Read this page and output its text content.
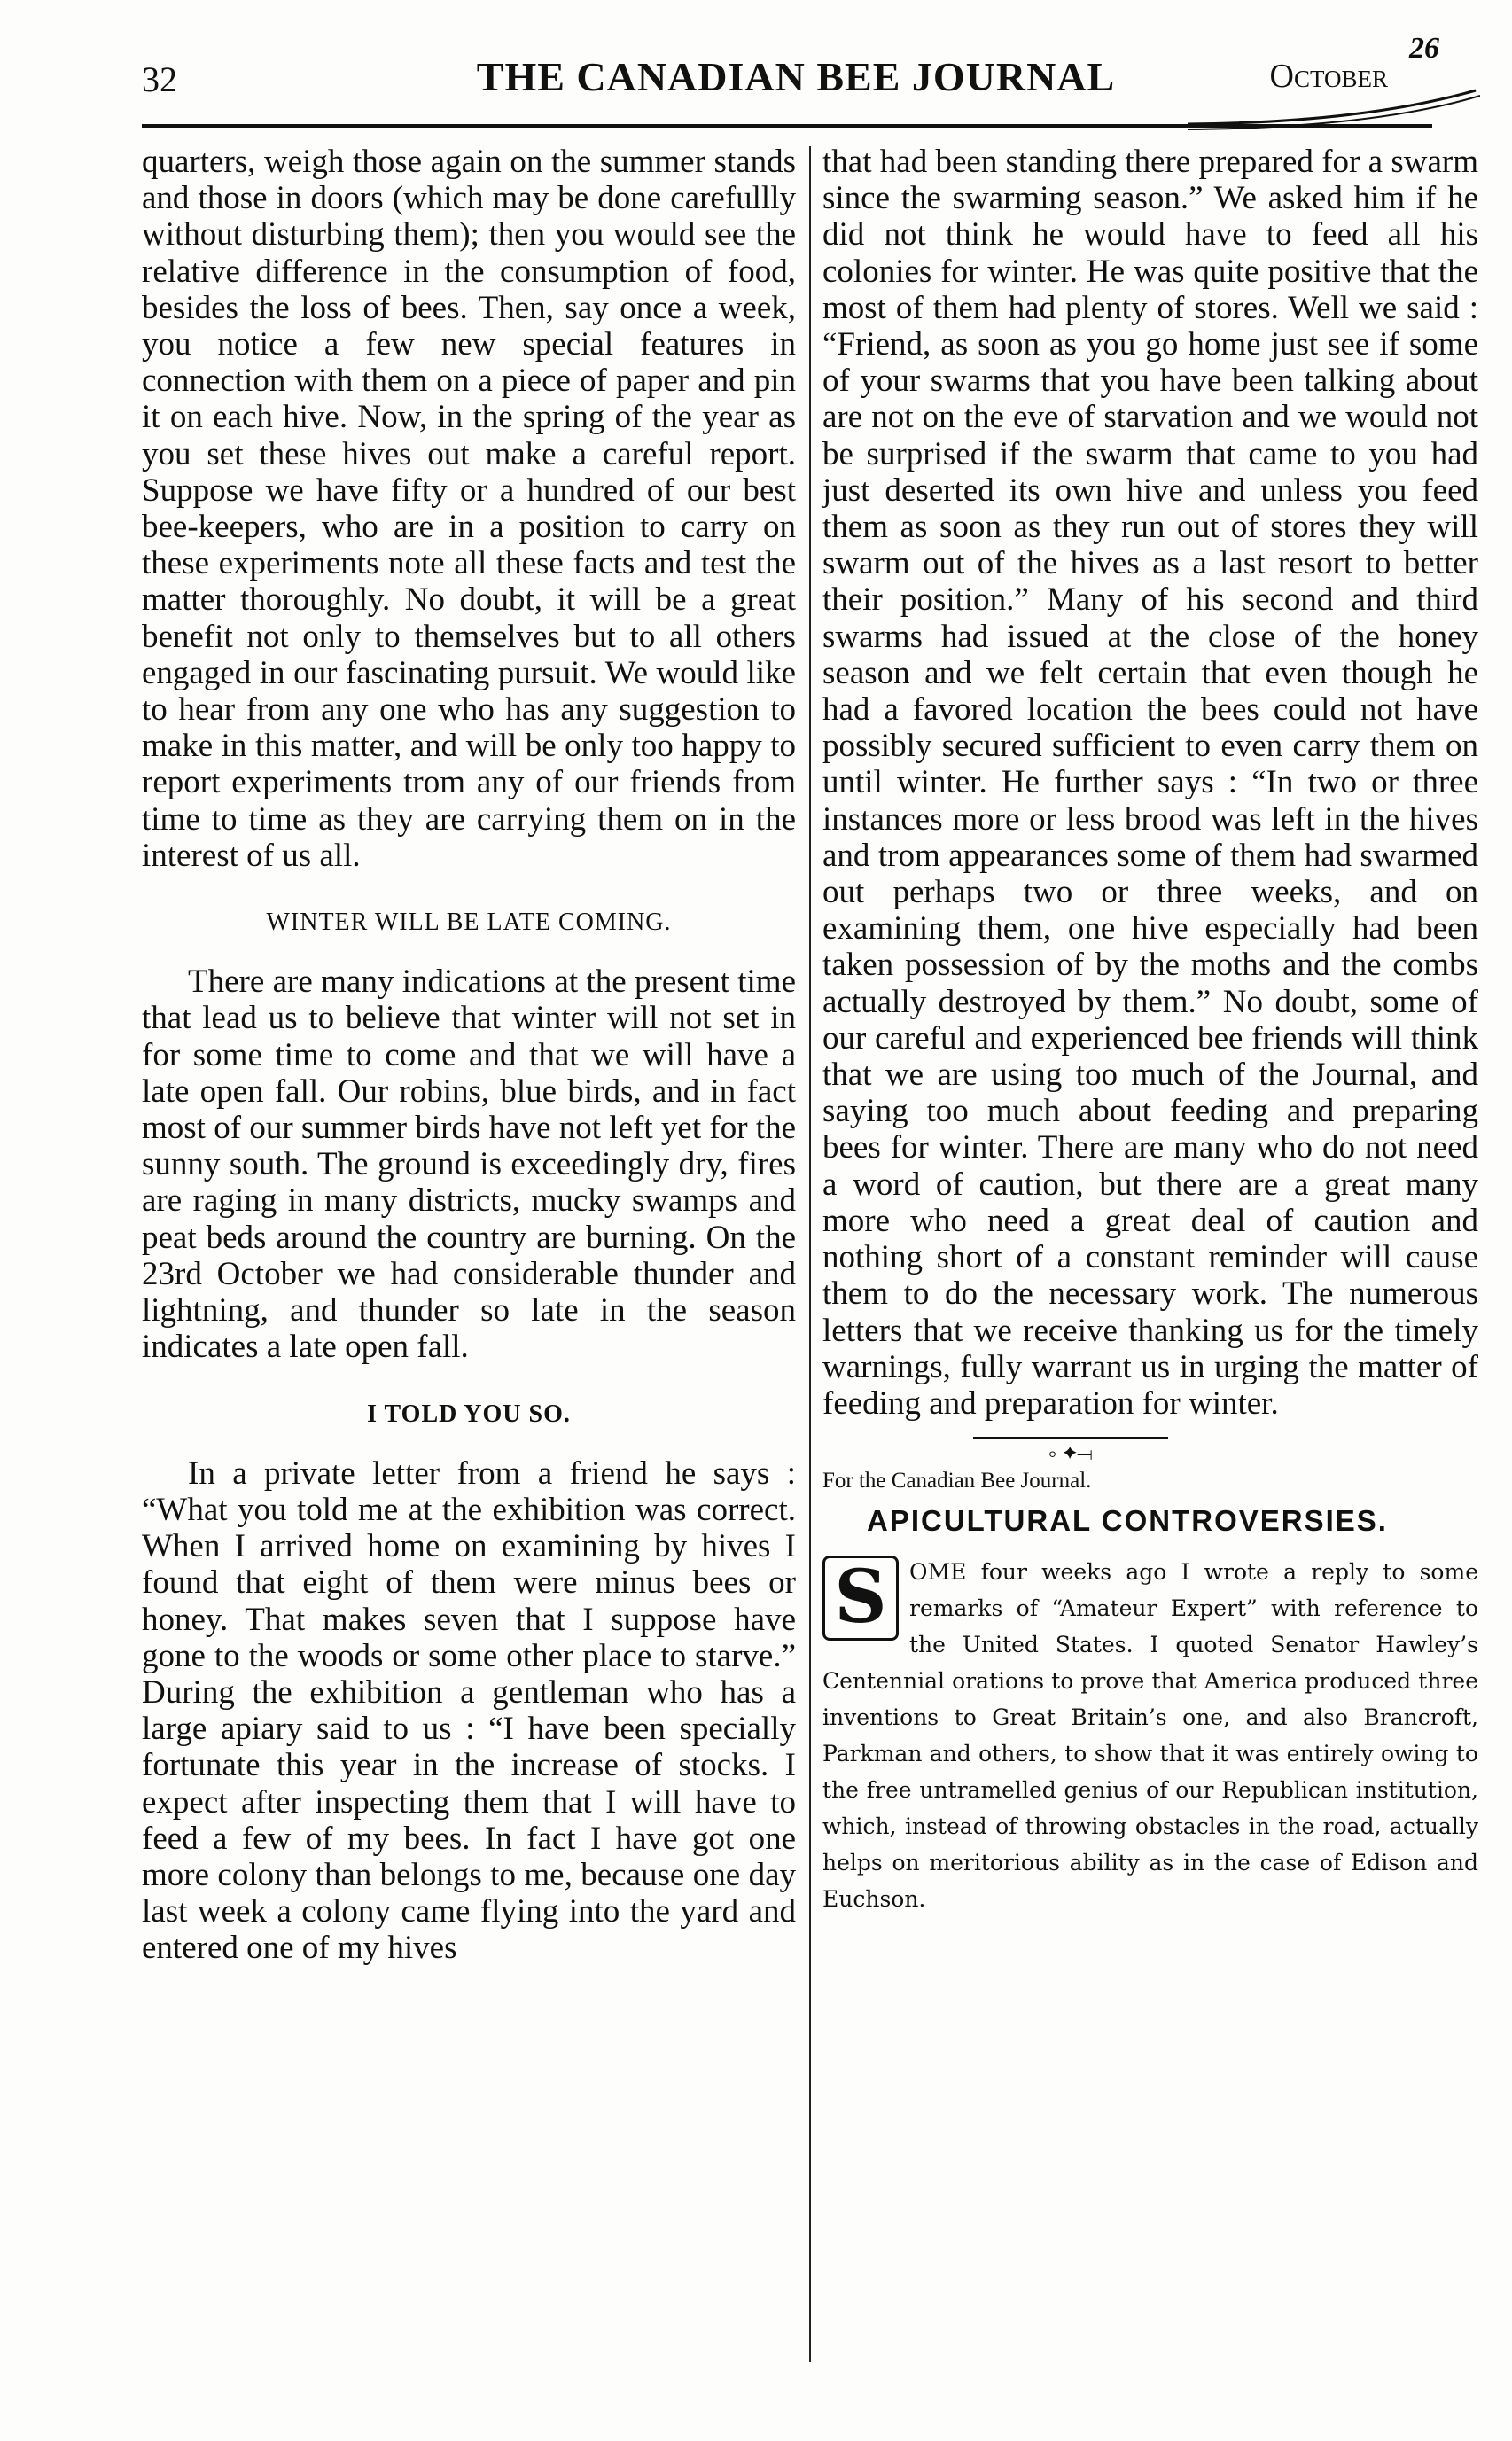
32	THE CANADIAN BEE JOURNAL	October
26

quarters, weigh those again on the summer stands and those in doors (which may be done carefullly without disturbing them); then you would see the relative difference in the consumption of food, besides the loss of bees. Then, say once a week, you notice a few new special features in connection with them on a piece of paper and pin it on each hive. Now, in the spring of the year as you set these hives out make a careful report. Suppose we have fifty or a hundred of our best bee-keepers, who are in a position to carry on these experiments note all these facts and test the matter thoroughly. No doubt, it will be a great benefit not only to themselves but to all others engaged in our fascinating pursuit. We would like to hear from any one who has any suggestion to make in this matter, and will be only too happy to report experiments trom any of our friends from time to time as they are carrying them on in the interest of us all.

WINTER WILL BE LATE COMING.

There are many indications at the present time that lead us to believe that winter will not set in for some time to come and that we will have a late open fall. Our robins, blue birds, and in fact most of our summer birds have not left yet for the sunny south. The ground is exceedingly dry, fires are raging in many districts, mucky swamps and peat beds around the country are burning. On the 23rd October we had considerable thunder and lightning, and thunder so late in the season indicates a late open fall.

I TOLD YOU SO.

In a private letter from a friend he says : “What you told me at the exhibition was correct. When I arrived home on examining by hives I found that eight of them were minus bees or honey. That makes seven that I suppose have gone to the woods or some other place to starve.” During the exhibition a gentleman who has a large apiary said to us : “I have been specially fortunate this year in the increase of stocks. I expect after inspecting them that I will have to feed a few of my bees. In fact I have got one more colony than belongs to me, because one day last week a colony came flying into the yard and entered one of my hives

that had been standing there prepared for a swarm since the swarming season.” We asked him if he did not think he would have to feed all his colonies for winter. He was quite positive that the most of them had plenty of stores. Well we said : “Friend, as soon as you go home just see if some of your swarms that you have been talking about are not on the eve of starvation and we would not be surprised if the swarm that came to you had just deserted its own hive and unless you feed them as soon as they run out of stores they will swarm out of the hives as a last resort to better their position.” Many of his second and third swarms had issued at the close of the honey season and we felt certain that even though he had a favored location the bees could not have possibly secured sufficient to even carry them on until winter. He further says : “In two or three instances more or less brood was left in the hives and trom appearances some of them had swarmed out perhaps two or three weeks, and on examining them, one hive especially had been taken possession of by the moths and the combs actually destroyed by them.” No doubt, some of our careful and experienced bee friends will think that we are using too much of the Journal, and saying too much about feeding and preparing bees for winter. There are many who do not need a word of caution, but there are a great many more who need a great deal of caution and nothing short of a constant reminder will cause them to do the necessary work. The numerous letters that we receive thanking us for the timely warnings, fully warrant us in urging the matter of feeding and preparation for winter.

⟜✦⟞
For the Canadian Bee Journal.
APICULTURAL CONTROVERSIES.
S	OME four weeks ago I wrote a reply to some remarks of “Amateur Expert” with reference to the United States. I quoted Senator Hawley’s Centennial orations to prove that America produced three inventions to Great Britain’s one, and also Brancroft, Parkman and others, to show that it was entirely owing to the free untramelled genius of our Republican institution, which, instead of throwing obstacles in the road, actually helps on meritorious ability as in the case of Edison and Euchson.
